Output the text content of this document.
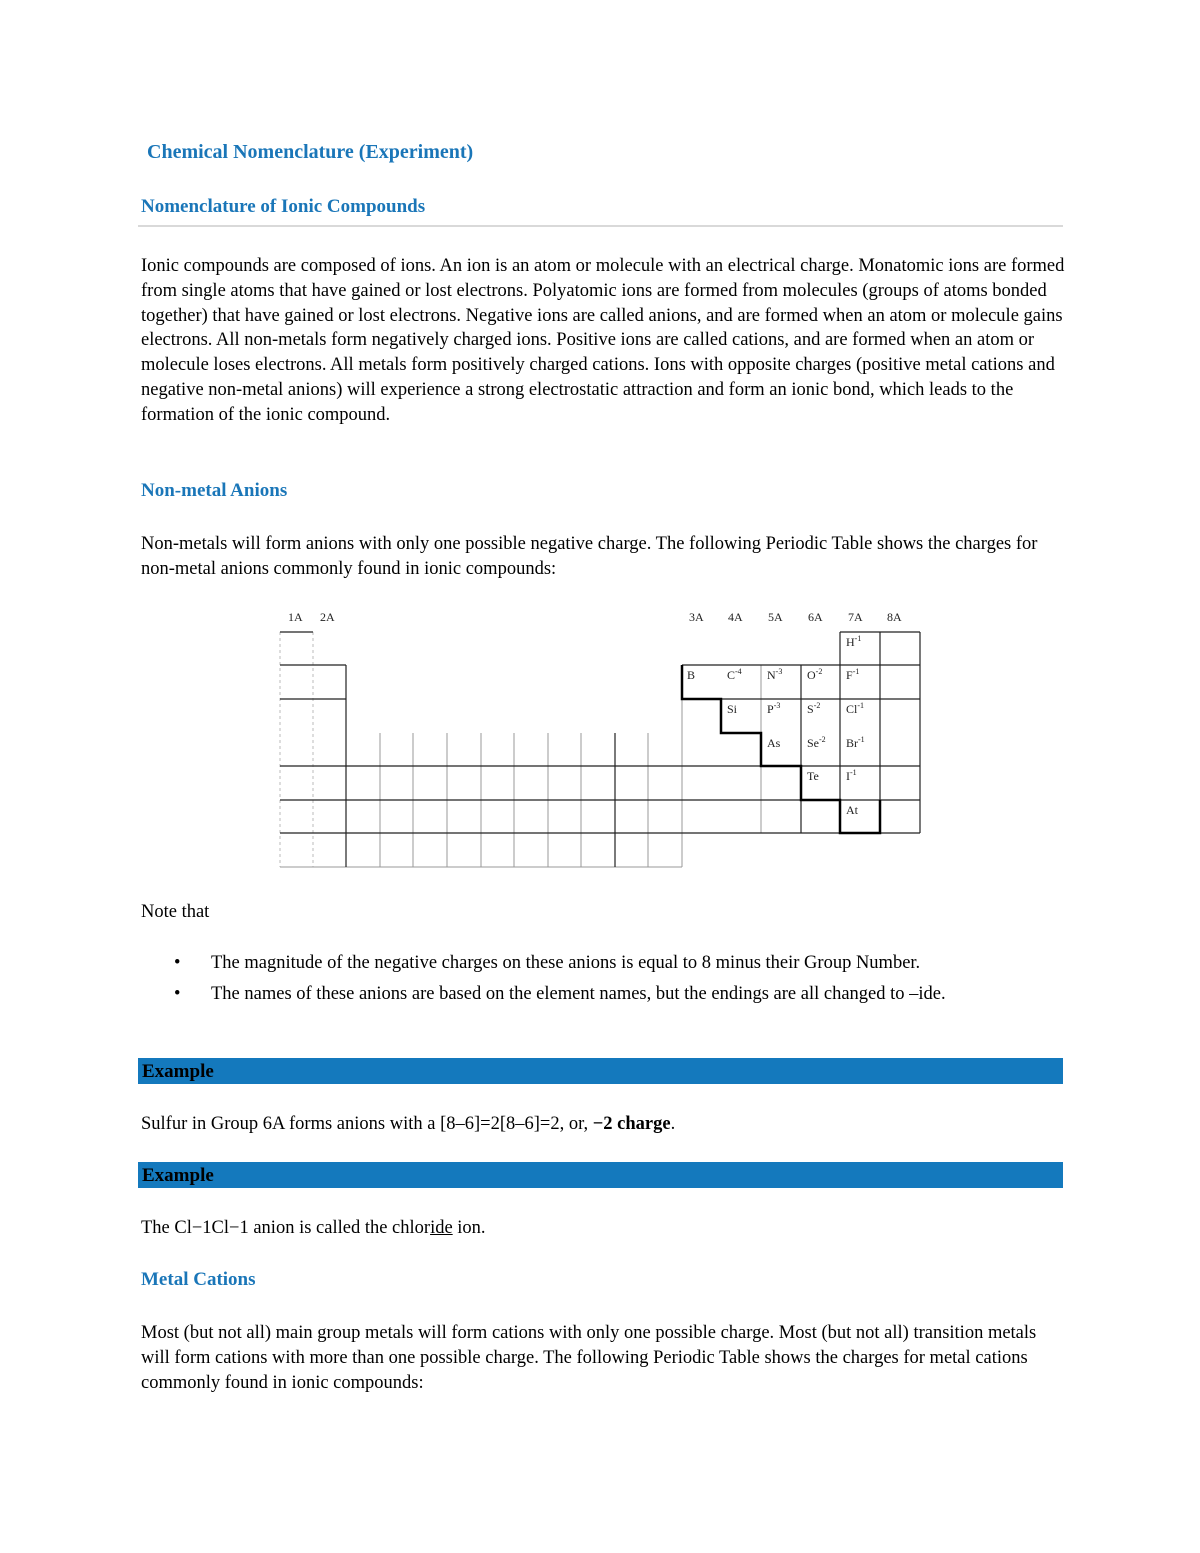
Chemical Nomenclature (Experiment)
Nomenclature of Ionic Compounds
Ionic compounds are composed of ions. An ion is an atom or molecule with an electrical charge. Monatomic ions are formed from single atoms that have gained or lost electrons. Polyatomic ions are formed from molecules (groups of atoms bonded together) that have gained or lost electrons. Negative ions are called anions, and are formed when an atom or molecule gains electrons. All non-metals form negatively charged ions. Positive ions are called cations, and are formed when an atom or molecule loses electrons. All metals form positively charged cations. Ions with opposite charges (positive metal cations and negative non-metal anions) will experience a strong electrostatic attraction and form an ionic bond, which leads to the formation of the ionic compound.
Non-metal Anions
Non-metals will form anions with only one possible negative charge. The following Periodic Table shows the charges for non-metal anions commonly found in ionic compounds:
1A 2A	3A 4A 5A 6A 7A 8A
$H^{-1}$
B	$C^{-4}$ $N^{-3}$ $O^{-2}$ $F^{-1}$
Si $P^{-3}$ $S^{-2}$ $Cl^{-1}$
As $Se^{-2}$ $Br^{-1}$
Te $I^{-1}$
At
Note that
• The magnitude of the negative charges on these anions is equal to 8 minus their Group Number.
• The names of these anions are based on the element names, but the endings are all changed to –ide.
Example
Sulfur in Group 6A forms anions with a [8–6]=2[8–6]=2, or, −2 charge.
Example
The Cl−1Cl−1 anion is called the chloride ion.
Metal Cations
Most (but not all) main group metals will form cations with only one possible charge. Most (but not all) transition metals will form cations with more than one possible charge. The following Periodic Table shows the charges for metal cations commonly found in ionic compounds:
